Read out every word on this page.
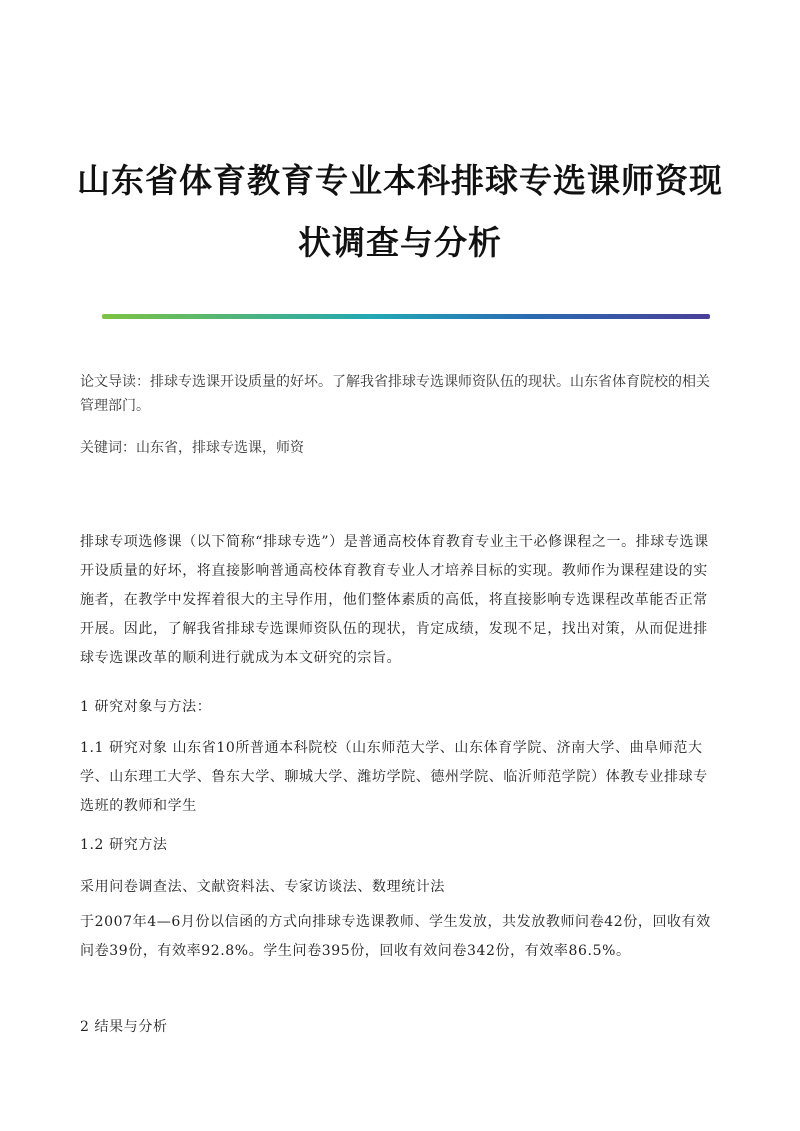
山东省体育教育专业本科排球专选课师资现
状调查与分析

论文导读：排球专选课开设质量的好坏。了解我省排球专选课师资队伍的现状。山东省体育院校的相关管理部门。

关键词：山东省，排球专选课，师资

排球专项选修课（以下简称“排球专选”）是普通高校体育教育专业主干必修课程之一。排球专选课开设质量的好坏，将直接影响普通高校体育教育专业人才培养目标的实现。教师作为课程建设的实施者，在教学中发挥着很大的主导作用，他们整体素质的高低，将直接影响专选课程改革能否正常开展。因此，了解我省排球专选课师资队伍的现状，肯定成绩，发现不足，找出对策，从而促进排球专选课改革的顺利进行就成为本文研究的宗旨。

1 研究对象与方法：

1.1 研究对象 山东省10所普通本科院校（山东师范大学、山东体育学院、济南大学、曲阜师范大学、山东理工大学、鲁东大学、聊城大学、潍坊学院、德州学院、临沂师范学院）体教专业排球专选班的教师和学生

1.2 研究方法

采用问卷调查法、文献资料法、专家访谈法、数理统计法

于2007年4—6月份以信函的方式向排球专选课教师、学生发放，共发放教师问卷42份，回收有效问卷39份，有效率92.8%。学生问卷395份，回收有效问卷342份，有效率86.5%。

2 结果与分析
